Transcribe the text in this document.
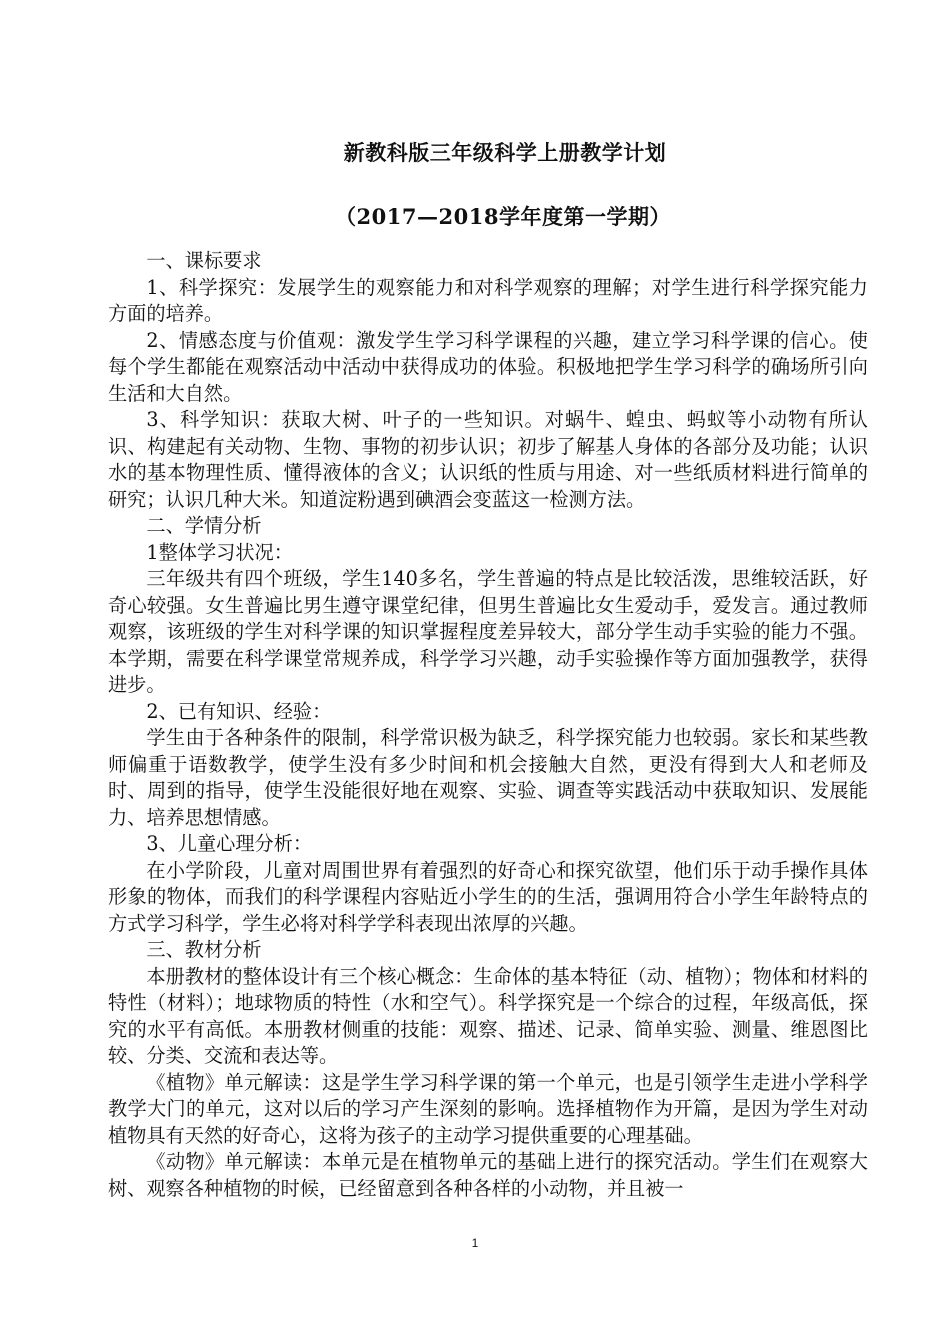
新教科版三年级科学上册教学计划
（2017—2018学年度第一学期）

一、课标要求

1、科学探究：发展学生的观察能力和对科学观察的理解；对学生进行科学探究能力方面的培养。

2、情感态度与价值观：激发学生学习科学课程的兴趣，建立学习科学课的信心。使每个学生都能在观察活动中活动中获得成功的体验。积极地把学生学习科学的确场所引向生活和大自然。

3、科学知识：获取大树、叶子的一些知识。对蜗牛、蝗虫、蚂蚁等小动物有所认识、构建起有关动物、生物、事物的初步认识；初步了解基人身体的各部分及功能；认识水的基本物理性质、懂得液体的含义；认识纸的性质与用途、对一些纸质材料进行简单的研究；认识几种大米。知道淀粉遇到碘酒会变蓝这一检测方法。

二、学情分析

1整体学习状况：

三年级共有四个班级，学生140多名，学生普遍的特点是比较活泼，思维较活跃，好奇心较强。女生普遍比男生遵守课堂纪律，但男生普遍比女生爱动手，爱发言。通过教师观察，该班级的学生对科学课的知识掌握程度差异较大，部分学生动手实验的能力不强。本学期，需要在科学课堂常规养成，科学学习兴趣，动手实验操作等方面加强教学，获得进步。

2、已有知识、经验：

学生由于各种条件的限制，科学常识极为缺乏，科学探究能力也较弱。家长和某些教师偏重于语数教学，使学生没有多少时间和机会接触大自然，更没有得到大人和老师及时、周到的指导，使学生没能很好地在观察、实验、调查等实践活动中获取知识、发展能力、培养思想情感。

3、儿童心理分析：

在小学阶段，儿童对周围世界有着强烈的好奇心和探究欲望，他们乐于动手操作具体形象的物体，而我们的科学课程内容贴近小学生的的生活，强调用符合小学生年龄特点的方式学习科学，学生必将对科学学科表现出浓厚的兴趣。

三、教材分析

本册教材的整体设计有三个核心概念：生命体的基本特征（动、植物）；物体和材料的特性（材料）；地球物质的特性（水和空气）。科学探究是一个综合的过程，年级高低，探究的水平有高低。本册教材侧重的技能：观察、描述、记录、简单实验、测量、维恩图比较、分类、交流和表达等。

《植物》单元解读：这是学生学习科学课的第一个单元，也是引领学生走进小学科学教学大门的单元，这对以后的学习产生深刻的影响。选择植物作为开篇，是因为学生对动植物具有天然的好奇心，这将为孩子的主动学习提供重要的心理基础。

《动物》单元解读：本单元是在植物单元的基础上进行的探究活动。学生们在观察大树、观察各种植物的时候，已经留意到各种各样的小动物，并且被一

1
